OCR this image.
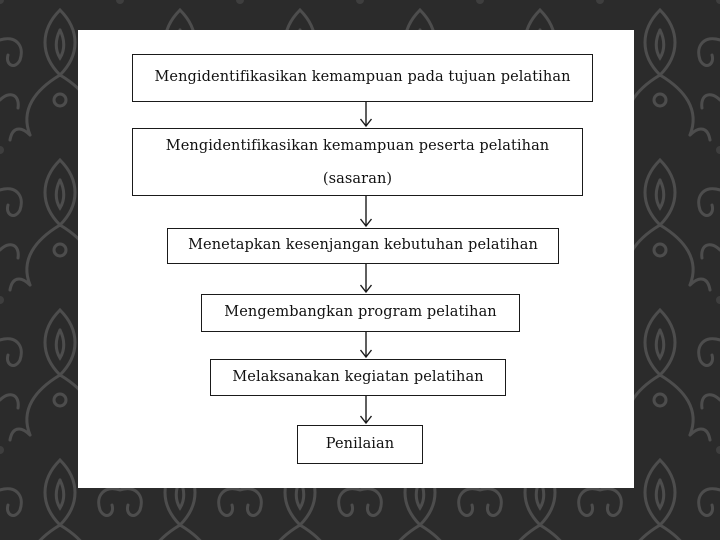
Mengidentifikasikan kemampuan pada tujuan pelatihan
Mengidentifikasikan kemampuan peserta pelatihan
(sasaran)
Menetapkan kesenjangan kebutuhan pelatihan
Mengembangkan program pelatihan
Melaksanakan kegiatan pelatihan
Penilaian
